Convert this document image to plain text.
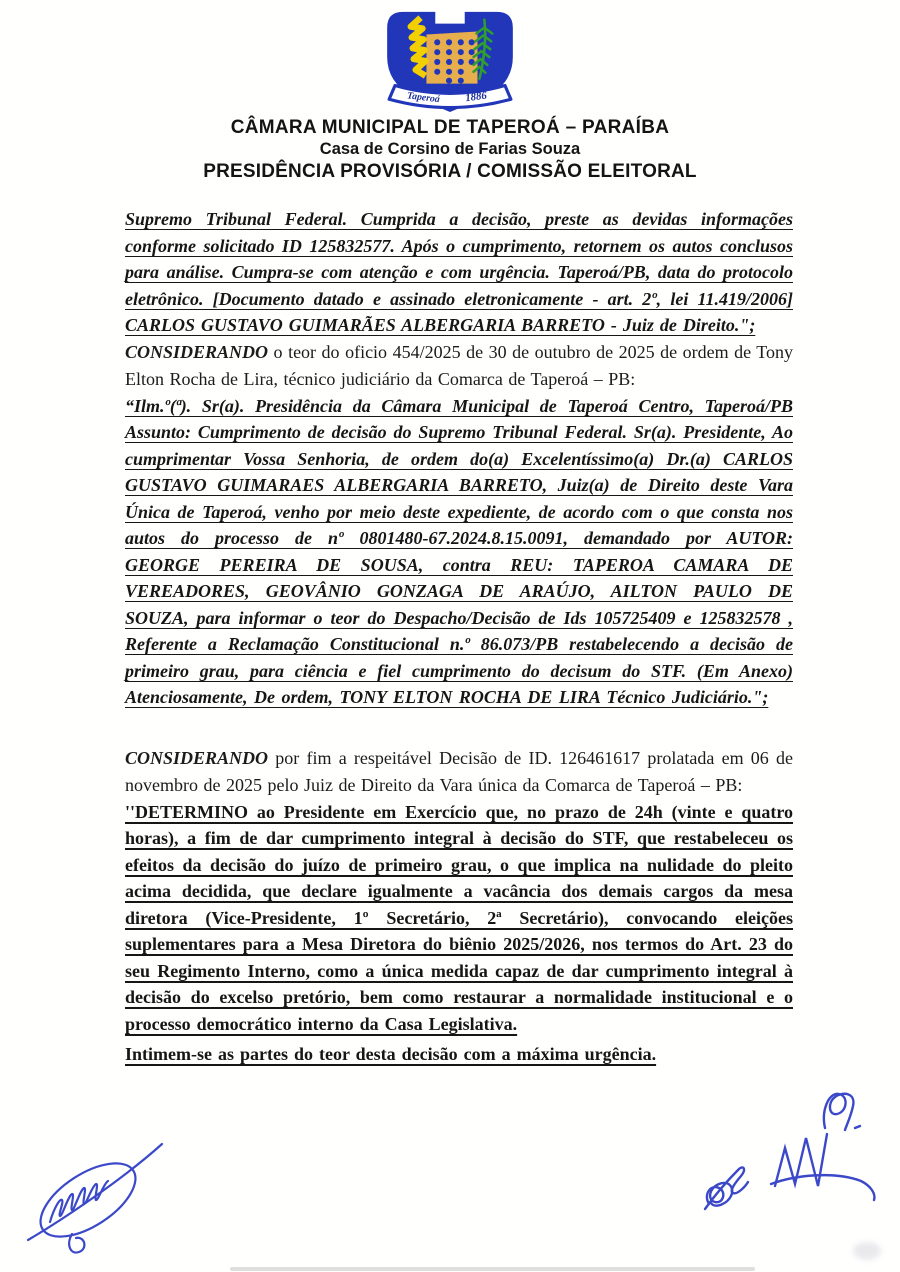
Taperoá 1886
CÂMARA MUNICIPAL DE TAPEROÁ – PARAÍBA
Casa de Corsino de Farias Souza
PRESIDÊNCIA PROVISÓRIA / COMISSÃO ELEITORAL

Supremo Tribunal Federal. Cumprida a decisão, preste as devidas informações conforme solicitado ID 125832577. Após o cumprimento, retornem os autos conclusos para análise. Cumpra-se com atenção e com urgência. Taperoá/PB, data do protocolo eletrônico. [Documento datado e assinado eletronicamente - art. 2º, lei 11.419/2006] CARLOS GUSTAVO GUIMARÃES ALBERGARIA BARRETO - Juiz de Direito.";

CONSIDERANDO o teor do oficio 454/2025 de 30 de outubro de 2025 de ordem de Tony Elton Rocha de Lira, técnico judiciário da Comarca de Taperoá – PB:

“Ilm.º(ª). Sr(a). Presidência da Câmara Municipal de Taperoá Centro, Taperoá/PB Assunto: Cumprimento de decisão do Supremo Tribunal Federal. Sr(a). Presidente, Ao cumprimentar Vossa Senhoria, de ordem do(a) Excelentíssimo(a) Dr.(a) CARLOS GUSTAVO GUIMARAES ALBERGARIA BARRETO, Juiz(a) de Direito deste Vara Única de Taperoá, venho por meio deste expediente, de acordo com o que consta nos autos do processo de nº 0801480-67.2024.8.15.0091, demandado por AUTOR: GEORGE PEREIRA DE SOUSA, contra REU: TAPEROA CAMARA DE VEREADORES, GEOVÂNIO GONZAGA DE ARAÚJO, AILTON PAULO DE SOUZA, para informar o teor do Despacho/Decisão de Ids 105725409 e 125832578 , Referente a Reclamação Constitucional n.º 86.073/PB restabelecendo a decisão de primeiro grau, para ciência e fiel cumprimento do decisum do STF. (Em Anexo) Atenciosamente, De ordem, TONY ELTON ROCHA DE LIRA Técnico Judiciário.";

CONSIDERANDO por fim a respeitável Decisão de ID. 126461617 prolatada em 06 de novembro de 2025 pelo Juiz de Direito da Vara única da Comarca de Taperoá – PB:

''DETERMINO ao Presidente em Exercício que, no prazo de 24h (vinte e quatro horas), a fim de dar cumprimento integral à decisão do STF, que restabeleceu os efeitos da decisão do juízo de primeiro grau, o que implica na nulidade do pleito acima decidida, que declare igualmente a vacância dos demais cargos da mesa diretora (Vice-Presidente, 1º Secretário, 2ª Secretário), convocando eleições suplementares para a Mesa Diretora do biênio 2025/2026, nos termos do Art. 23 do seu Regimento Interno, como a única medida capaz de dar cumprimento integral à decisão do excelso pretório, bem como restaurar a normalidade institucional e o processo democrático interno da Casa Legislativa.

Intimem-se as partes do teor desta decisão com a máxima urgência.
